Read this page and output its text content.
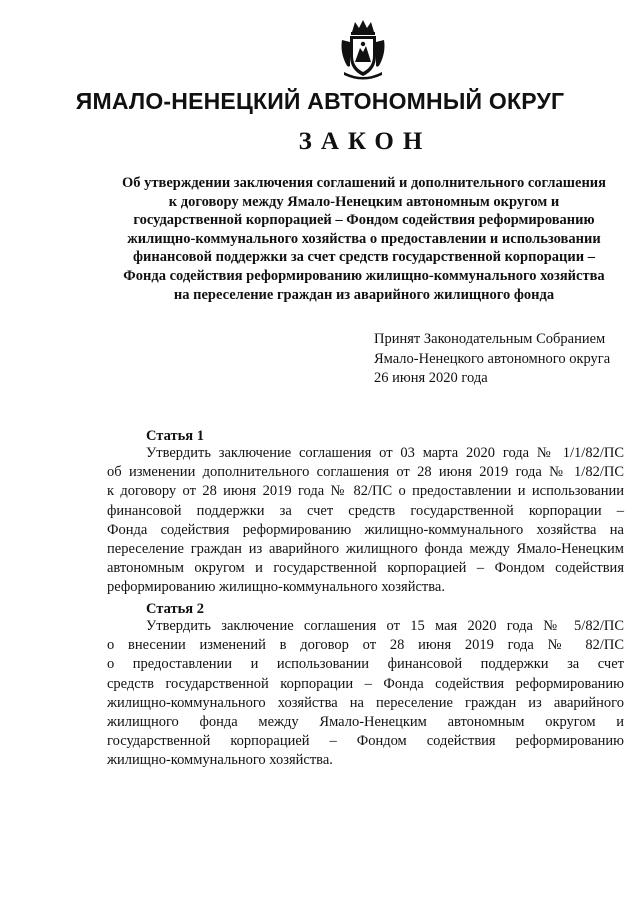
ЯМАЛО-НЕНЕЦКИЙ АВТОНОМНЫЙ ОКРУГ
ЗАКОН
Об утверждении заключения соглашений и дополнительного соглашения
к договору между Ямало-Ненецким автономным округом и
государственной корпорацией – Фондом содействия реформированию
жилищно-коммунального хозяйства о предоставлении и использовании
финансовой поддержки за счет средств государственной корпорации –
Фонда содействия реформированию жилищно-коммунального хозяйства
на переселение граждан из аварийного жилищного фонда
Принят Законодательным Собранием
Ямало-Ненецкого автономного округа
26 июня 2020 года
Статья 1
Утвердить заключение соглашения от 03 марта 2020 года № 1/1/82/ПС
об изменении дополнительного соглашения от 28 июня 2019 года № 1/82/ПС
к договору от 28 июня 2019 года № 82/ПС о предоставлении и использовании
финансовой поддержки за счет средств государственной корпорации –
Фонда содействия реформированию жилищно-коммунального хозяйства на
переселение граждан из аварийного жилищного фонда между Ямало-Ненецким
автономным округом и государственной корпорацией – Фондом содействия
реформированию жилищно-коммунального хозяйства.
Статья 2
Утвердить заключение соглашения от 15 мая 2020 года № 5/82/ПС
о внесении изменений в договор от 28 июня 2019 года № 82/ПС
о предоставлении и использовании финансовой поддержки за счет
средств государственной корпорации – Фонда содействия реформированию
жилищно-коммунального хозяйства на переселение граждан из аварийного
жилищного фонда между Ямало-Ненецким автономным округом и
государственной корпорацией – Фондом содействия реформированию
жилищно-коммунального хозяйства.
